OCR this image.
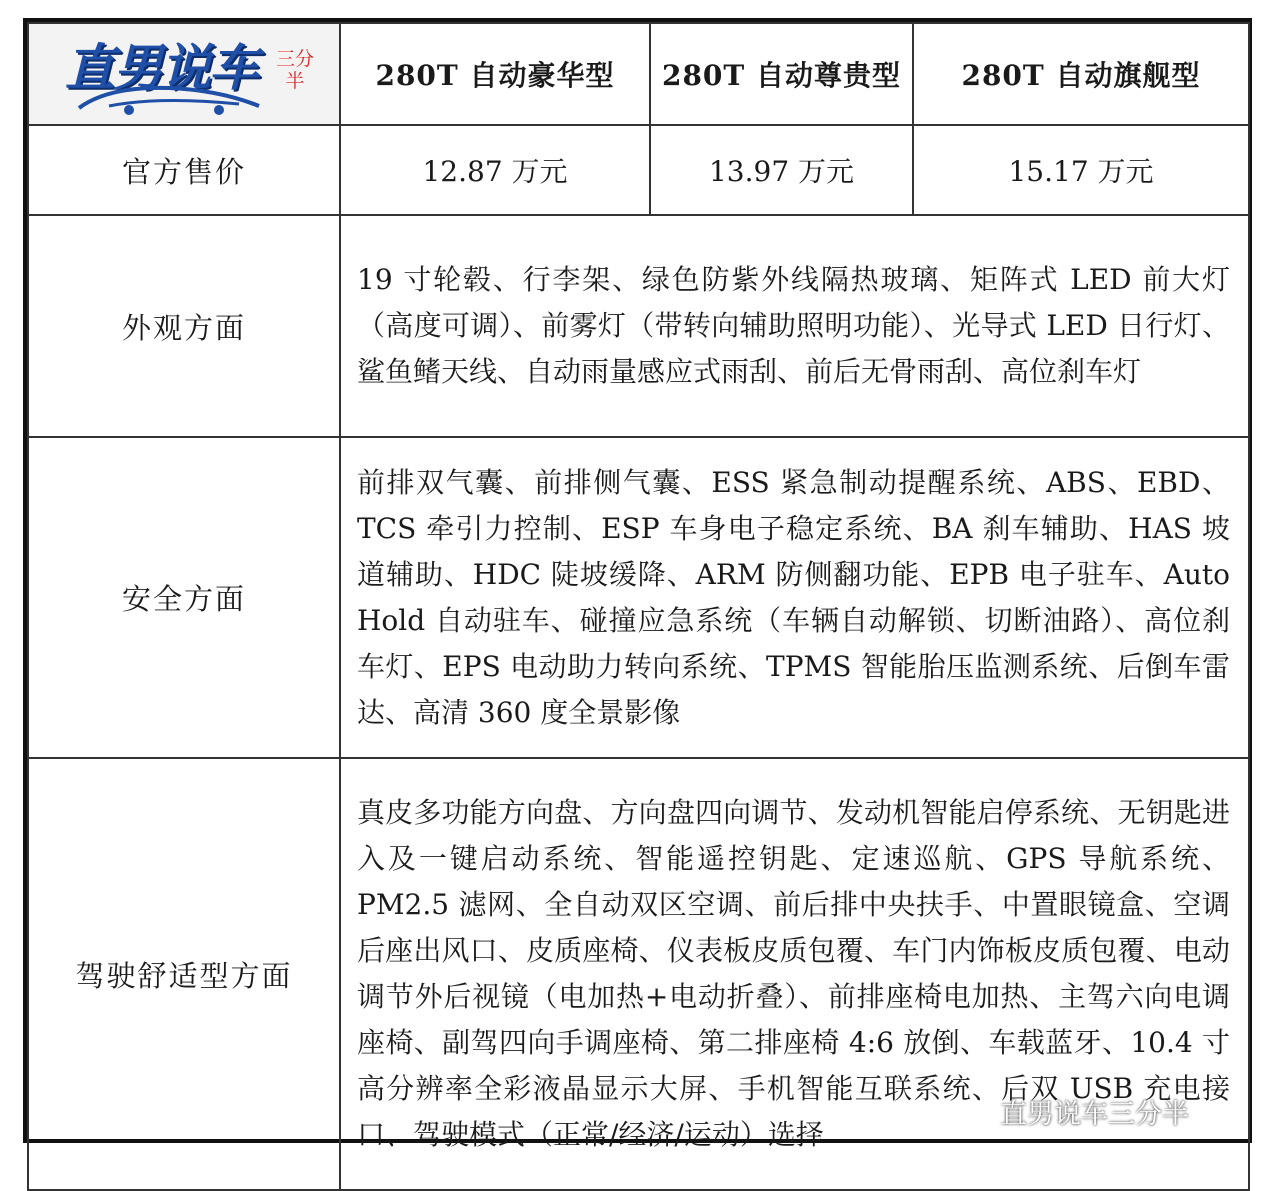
直男说车 三分半	280T 自动豪华型	280T 自动尊贵型	280T 自动旗舰型
官方售价	12.87 万元	13.97 万元	15.17 万元
外观方面	19 寸轮毂、行李架、绿色防紫外线隔热玻璃、矩阵式 LED 前大灯（高度可调）、前雾灯（带转向辅助照明功能）、光导式 LED 日行灯、鲨鱼鳍天线、自动雨量感应式雨刮、前后无骨雨刮、高位刹车灯		
安全方面	前排双气囊、前排侧气囊、ESS 紧急制动提醒系统、ABS、EBD、TCS 牵引力控制、ESP 车身电子稳定系统、BA 刹车辅助、HAS 坡道辅助、HDC 陡坡缓降、ARM 防侧翻功能、EPB 电子驻车、Auto Hold 自动驻车、碰撞应急系统（车辆自动解锁、切断油路）、高位刹车灯、EPS 电动助力转向系统、TPMS 智能胎压监测系统、后倒车雷达、高清 360 度全景影像		
驾驶舒适型方面	真皮多功能方向盘、方向盘四向调节、发动机智能启停系统、无钥匙进入及一键启动系统、智能遥控钥匙、定速巡航、GPS 导航系统、PM2.5 滤网、全自动双区空调、前后排中央扶手、中置眼镜盒、空调后座出风口、皮质座椅、仪表板皮质包覆、车门内饰板皮质包覆、电动调节外后视镜（电加热+电动折叠）、前排座椅电加热、主驾六向电调座椅、副驾四向手调座椅、第二排座椅 4:6 放倒、车载蓝牙、10.4 寸高分辨率全彩液晶显示大屏、手机智能互联系统、后双 USB 充电接口、驾驶模式（正常/经济/运动）选择		
直男说车三分半
